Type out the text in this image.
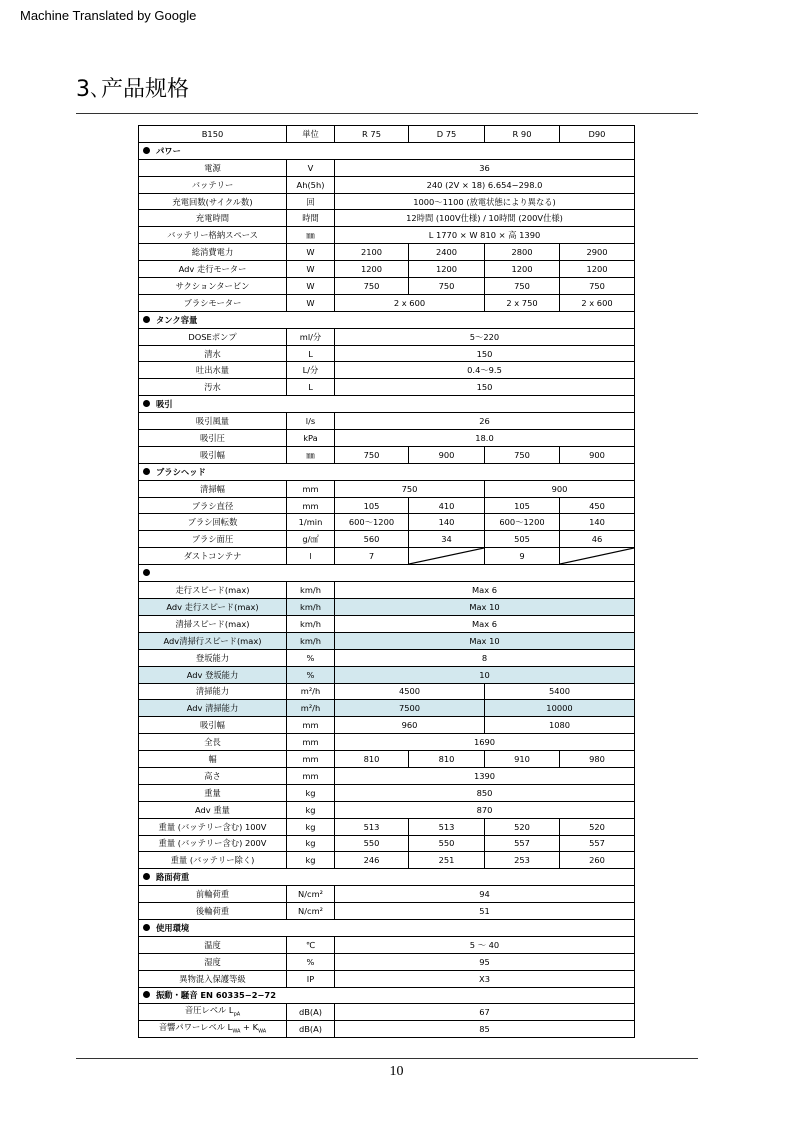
Machine Translated by Google
3､产品规格
B150	単位	R 75	D 75	R 90	D90
パワー					
電源	V	36			
バッテリー	Ah(5h)	240 (2V × 18) 6.654−298.0			
充電回数(サイクル数)	回	1000〜1100 (放電状態により異なる)			
充電時間	時間	12時間 (100V仕様) / 10時間 (200V仕様)			
バッテリー格納スペース	㎜	L 1770 × W 810 × 高 1390			
総消費電力	W	2100	2400	2800	2900
Adv 走行モーター	W	1200	1200	1200	1200
サクションタービン	W	750	750	750	750
ブラシモーター	W	2 x 600		2 x 750	2 x 600
タンク容量					
DOSEポンプ	ml/分	5〜220			
清水	L	150			
吐出水量	L/分	0.4〜9.5			
汚水	L	150			
吸引					
吸引風量	l/s	26			
吸引圧	kPa	18.0			
吸引幅	㎜	750	900	750	900
ブラシヘッド					
清掃幅	mm	750		900	
ブラシ直径	mm	105	410	105	450
ブラシ回転数	1/min	600〜1200	140	600〜1200	140
ブラシ面圧	g/㎠	560	34	505	46
ダストコンテナ	l	7		9	

走行スピード(max)	km/h	Max 6			
Adv 走行スピード(max)	km/h	Max 10			
清掃スピード(max)	km/h	Max 6			
Adv清掃行スピード(max)	km/h	Max 10			
登坂能力	%	8			
Adv 登坂能力	%	10			
清掃能力	m²/h	4500		5400	
Adv 清掃能力	m²/h	7500		10000	
吸引幅	mm	960		1080	
全長	mm	1690			
幅	mm	810	810	910	980
高さ	mm	1390			
重量	kg	850			
Adv 重量	kg	870			
重量 (バッテリー含む) 100V	kg	513	513	520	520
重量 (バッテリー含む) 200V	kg	550	550	557	557
重量 (バッテリー除く)	kg	246	251	253	260
路面荷重					
前輪荷重	N/cm²	94			
後輪荷重	N/cm²	51			
使用環境					
温度	℃	5 〜 40			
湿度	%	95			
異物混入保護等級	IP	X3			
振動・騒音 EN 60335−2−72					
音圧レベル $L_{pA}$	dB(A)	67			
音響パワーレベル $L_{WA} + K_{WA}$	dB(A)	85			
10
